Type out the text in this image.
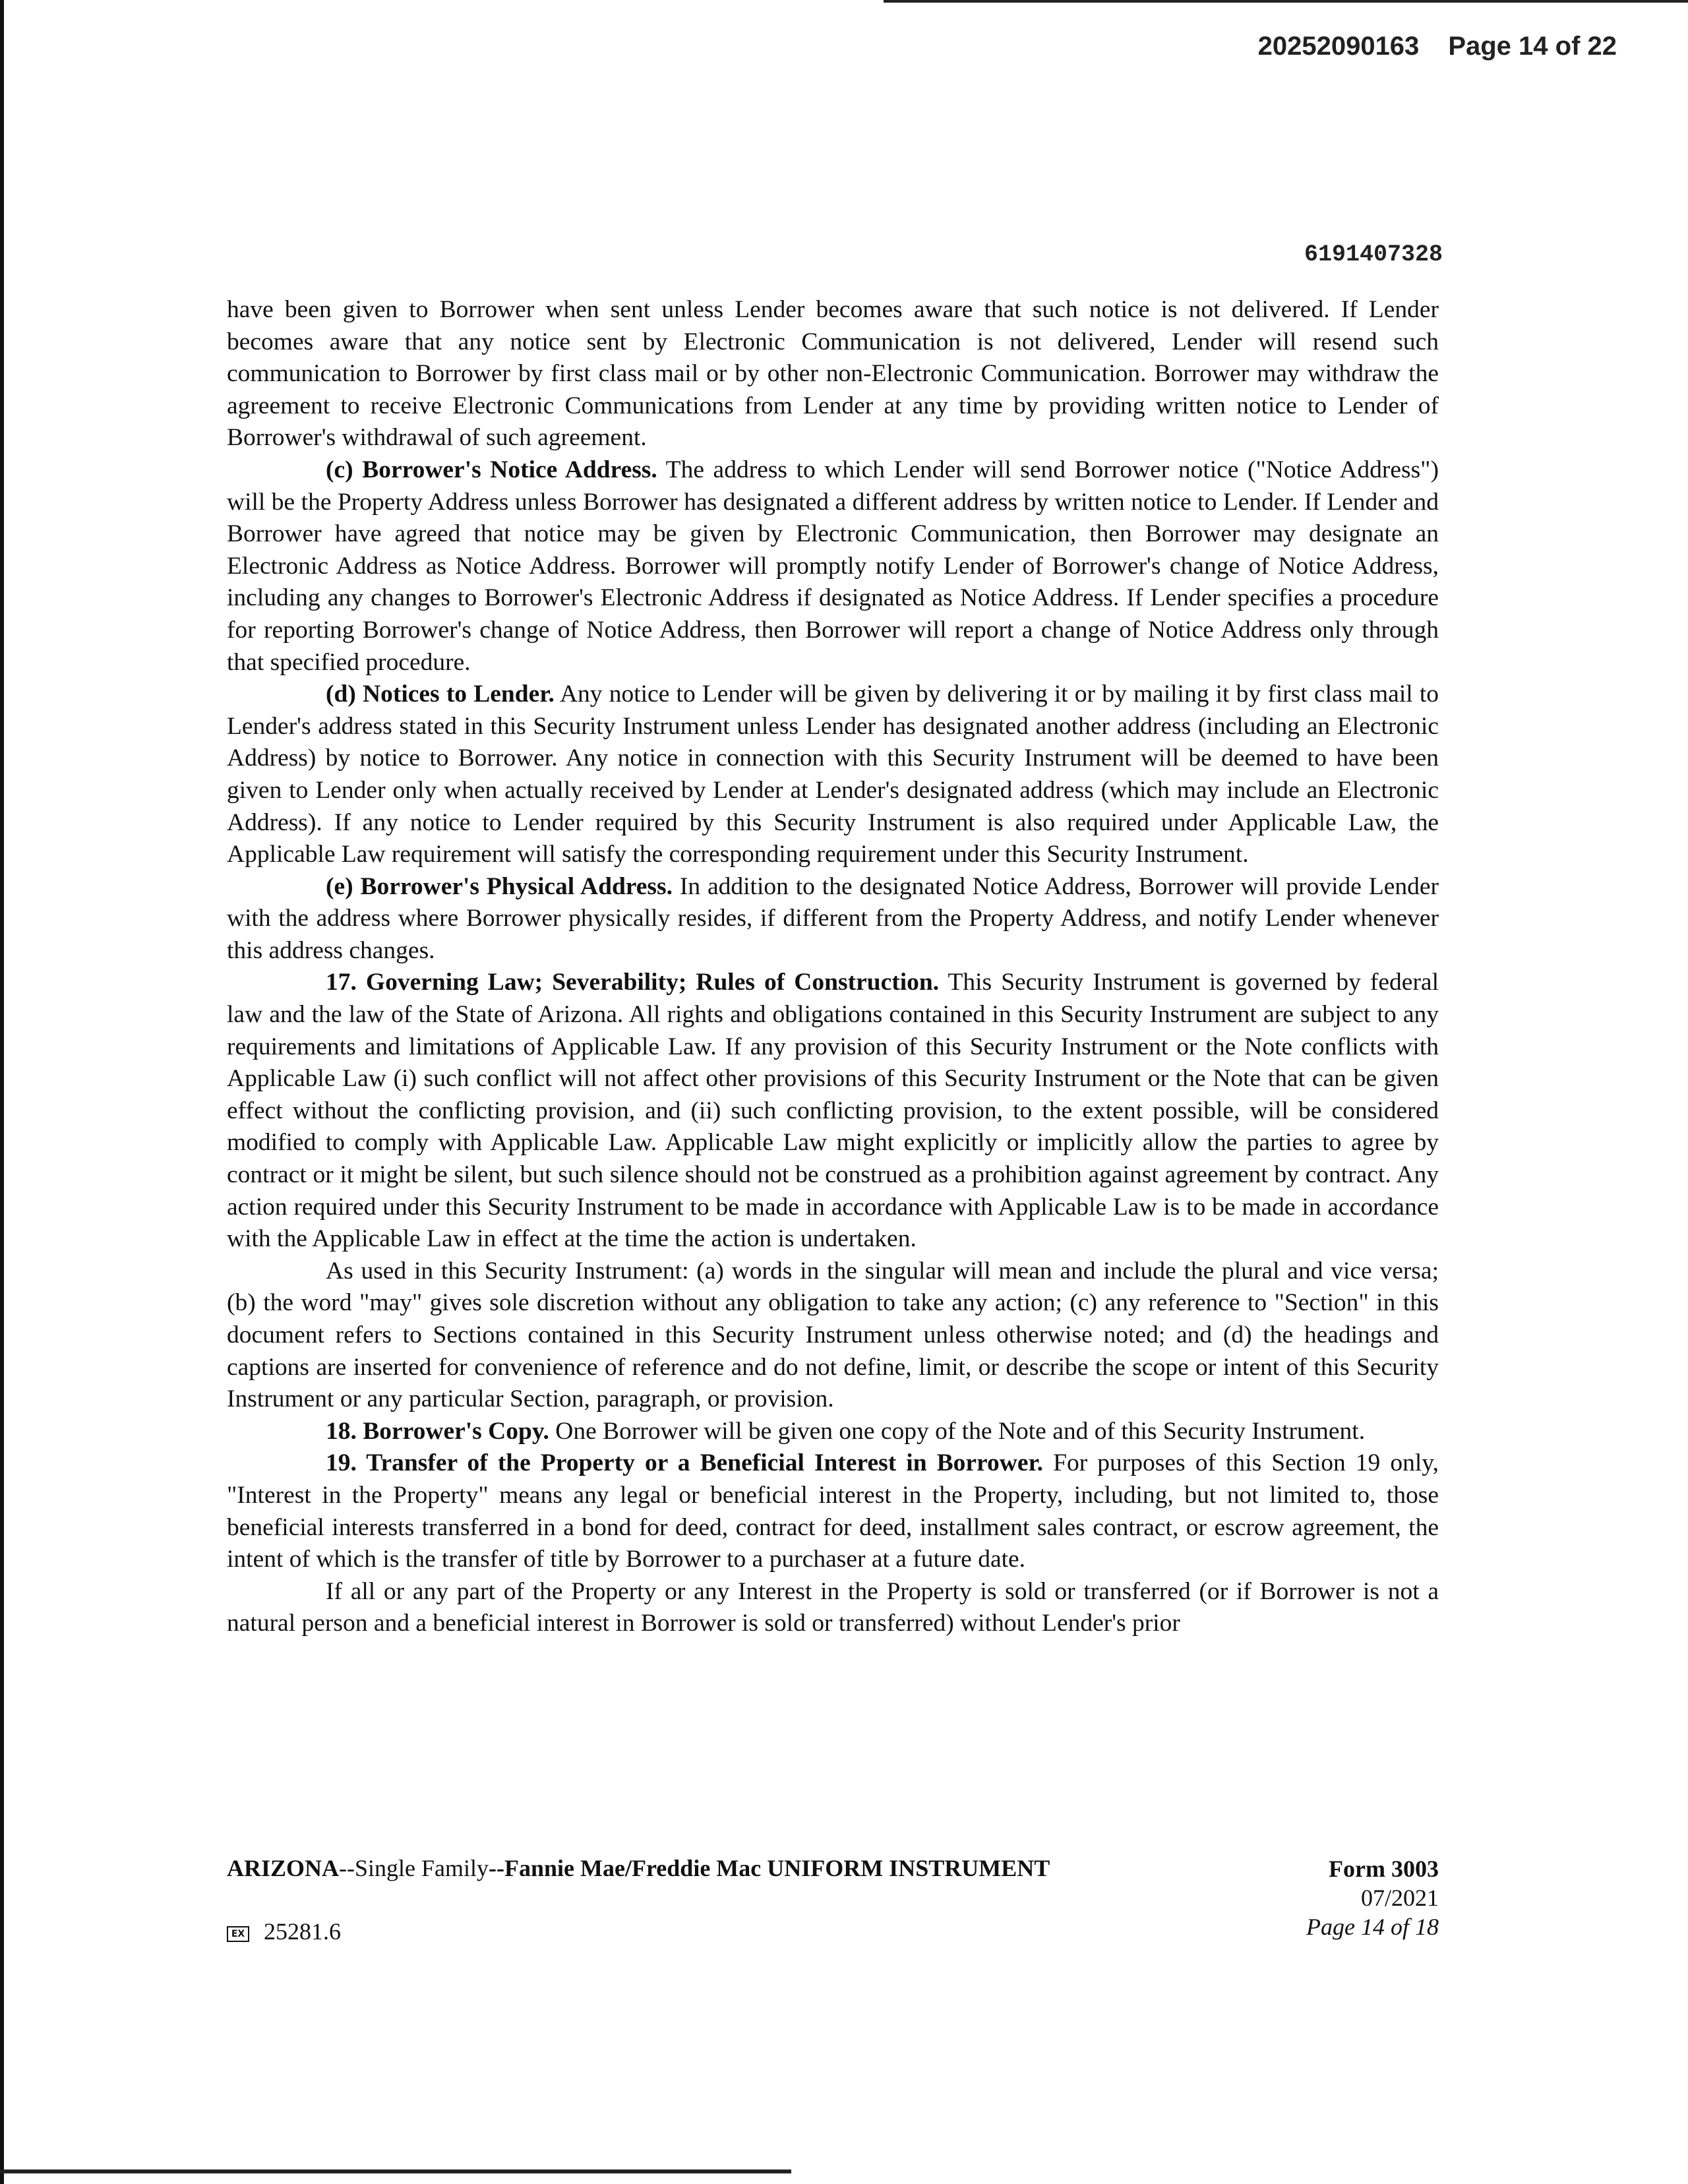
20252090163 Page 14 of 22
6191407328

have been given to Borrower when sent unless Lender becomes aware that such notice is not delivered. If Lender becomes aware that any notice sent by Electronic Communication is not delivered, Lender will resend such communication to Borrower by first class mail or by other non-Electronic Communication. Borrower may withdraw the agreement to receive Electronic Communications from Lender at any time by providing written notice to Lender of Borrower's withdrawal of such agreement.

(c) Borrower's Notice Address. The address to which Lender will send Borrower notice ("Notice Address") will be the Property Address unless Borrower has designated a different address by written notice to Lender. If Lender and Borrower have agreed that notice may be given by Electronic Communication, then Borrower may designate an Electronic Address as Notice Address. Borrower will promptly notify Lender of Borrower's change of Notice Address, including any changes to Borrower's Electronic Address if designated as Notice Address. If Lender specifies a procedure for reporting Borrower's change of Notice Address, then Borrower will report a change of Notice Address only through that specified procedure.

(d) Notices to Lender. Any notice to Lender will be given by delivering it or by mailing it by first class mail to Lender's address stated in this Security Instrument unless Lender has designated another address (including an Electronic Address) by notice to Borrower. Any notice in connection with this Security Instrument will be deemed to have been given to Lender only when actually received by Lender at Lender's designated address (which may include an Electronic Address). If any notice to Lender required by this Security Instrument is also required under Applicable Law, the Applicable Law requirement will satisfy the corresponding requirement under this Security Instrument.

(e) Borrower's Physical Address. In addition to the designated Notice Address, Borrower will provide Lender with the address where Borrower physically resides, if different from the Property Address, and notify Lender whenever this address changes.

17. Governing Law; Severability; Rules of Construction. This Security Instrument is governed by federal law and the law of the State of Arizona. All rights and obligations contained in this Security Instrument are subject to any requirements and limitations of Applicable Law. If any provision of this Security Instrument or the Note conflicts with Applicable Law (i) such conflict will not affect other provisions of this Security Instrument or the Note that can be given effect without the conflicting provision, and (ii) such conflicting provision, to the extent possible, will be considered modified to comply with Applicable Law. Applicable Law might explicitly or implicitly allow the parties to agree by contract or it might be silent, but such silence should not be construed as a prohibition against agreement by contract. Any action required under this Security Instrument to be made in accordance with Applicable Law is to be made in accordance with the Applicable Law in effect at the time the action is undertaken.

As used in this Security Instrument: (a) words in the singular will mean and include the plural and vice versa; (b) the word "may" gives sole discretion without any obligation to take any action; (c) any reference to "Section" in this document refers to Sections contained in this Security Instrument unless otherwise noted; and (d) the headings and captions are inserted for convenience of reference and do not define, limit, or describe the scope or intent of this Security Instrument or any particular Section, paragraph, or provision.

18. Borrower's Copy. One Borrower will be given one copy of the Note and of this Security Instrument.

19. Transfer of the Property or a Beneficial Interest in Borrower. For purposes of this Section 19 only, "Interest in the Property" means any legal or beneficial interest in the Property, including, but not limited to, those beneficial interests transferred in a bond for deed, contract for deed, installment sales contract, or escrow agreement, the intent of which is the transfer of title by Borrower to a purchaser at a future date.

If all or any part of the Property or any Interest in the Property is sold or transferred (or if Borrower is not a natural person and a beneficial interest in Borrower is sold or transferred) without Lender's prior

ARIZONA--Single Family--Fannie Mae/Freddie Mac UNIFORM INSTRUMENT	Form 3003
07/2021
Page 14 of 18
EX 25281.6
